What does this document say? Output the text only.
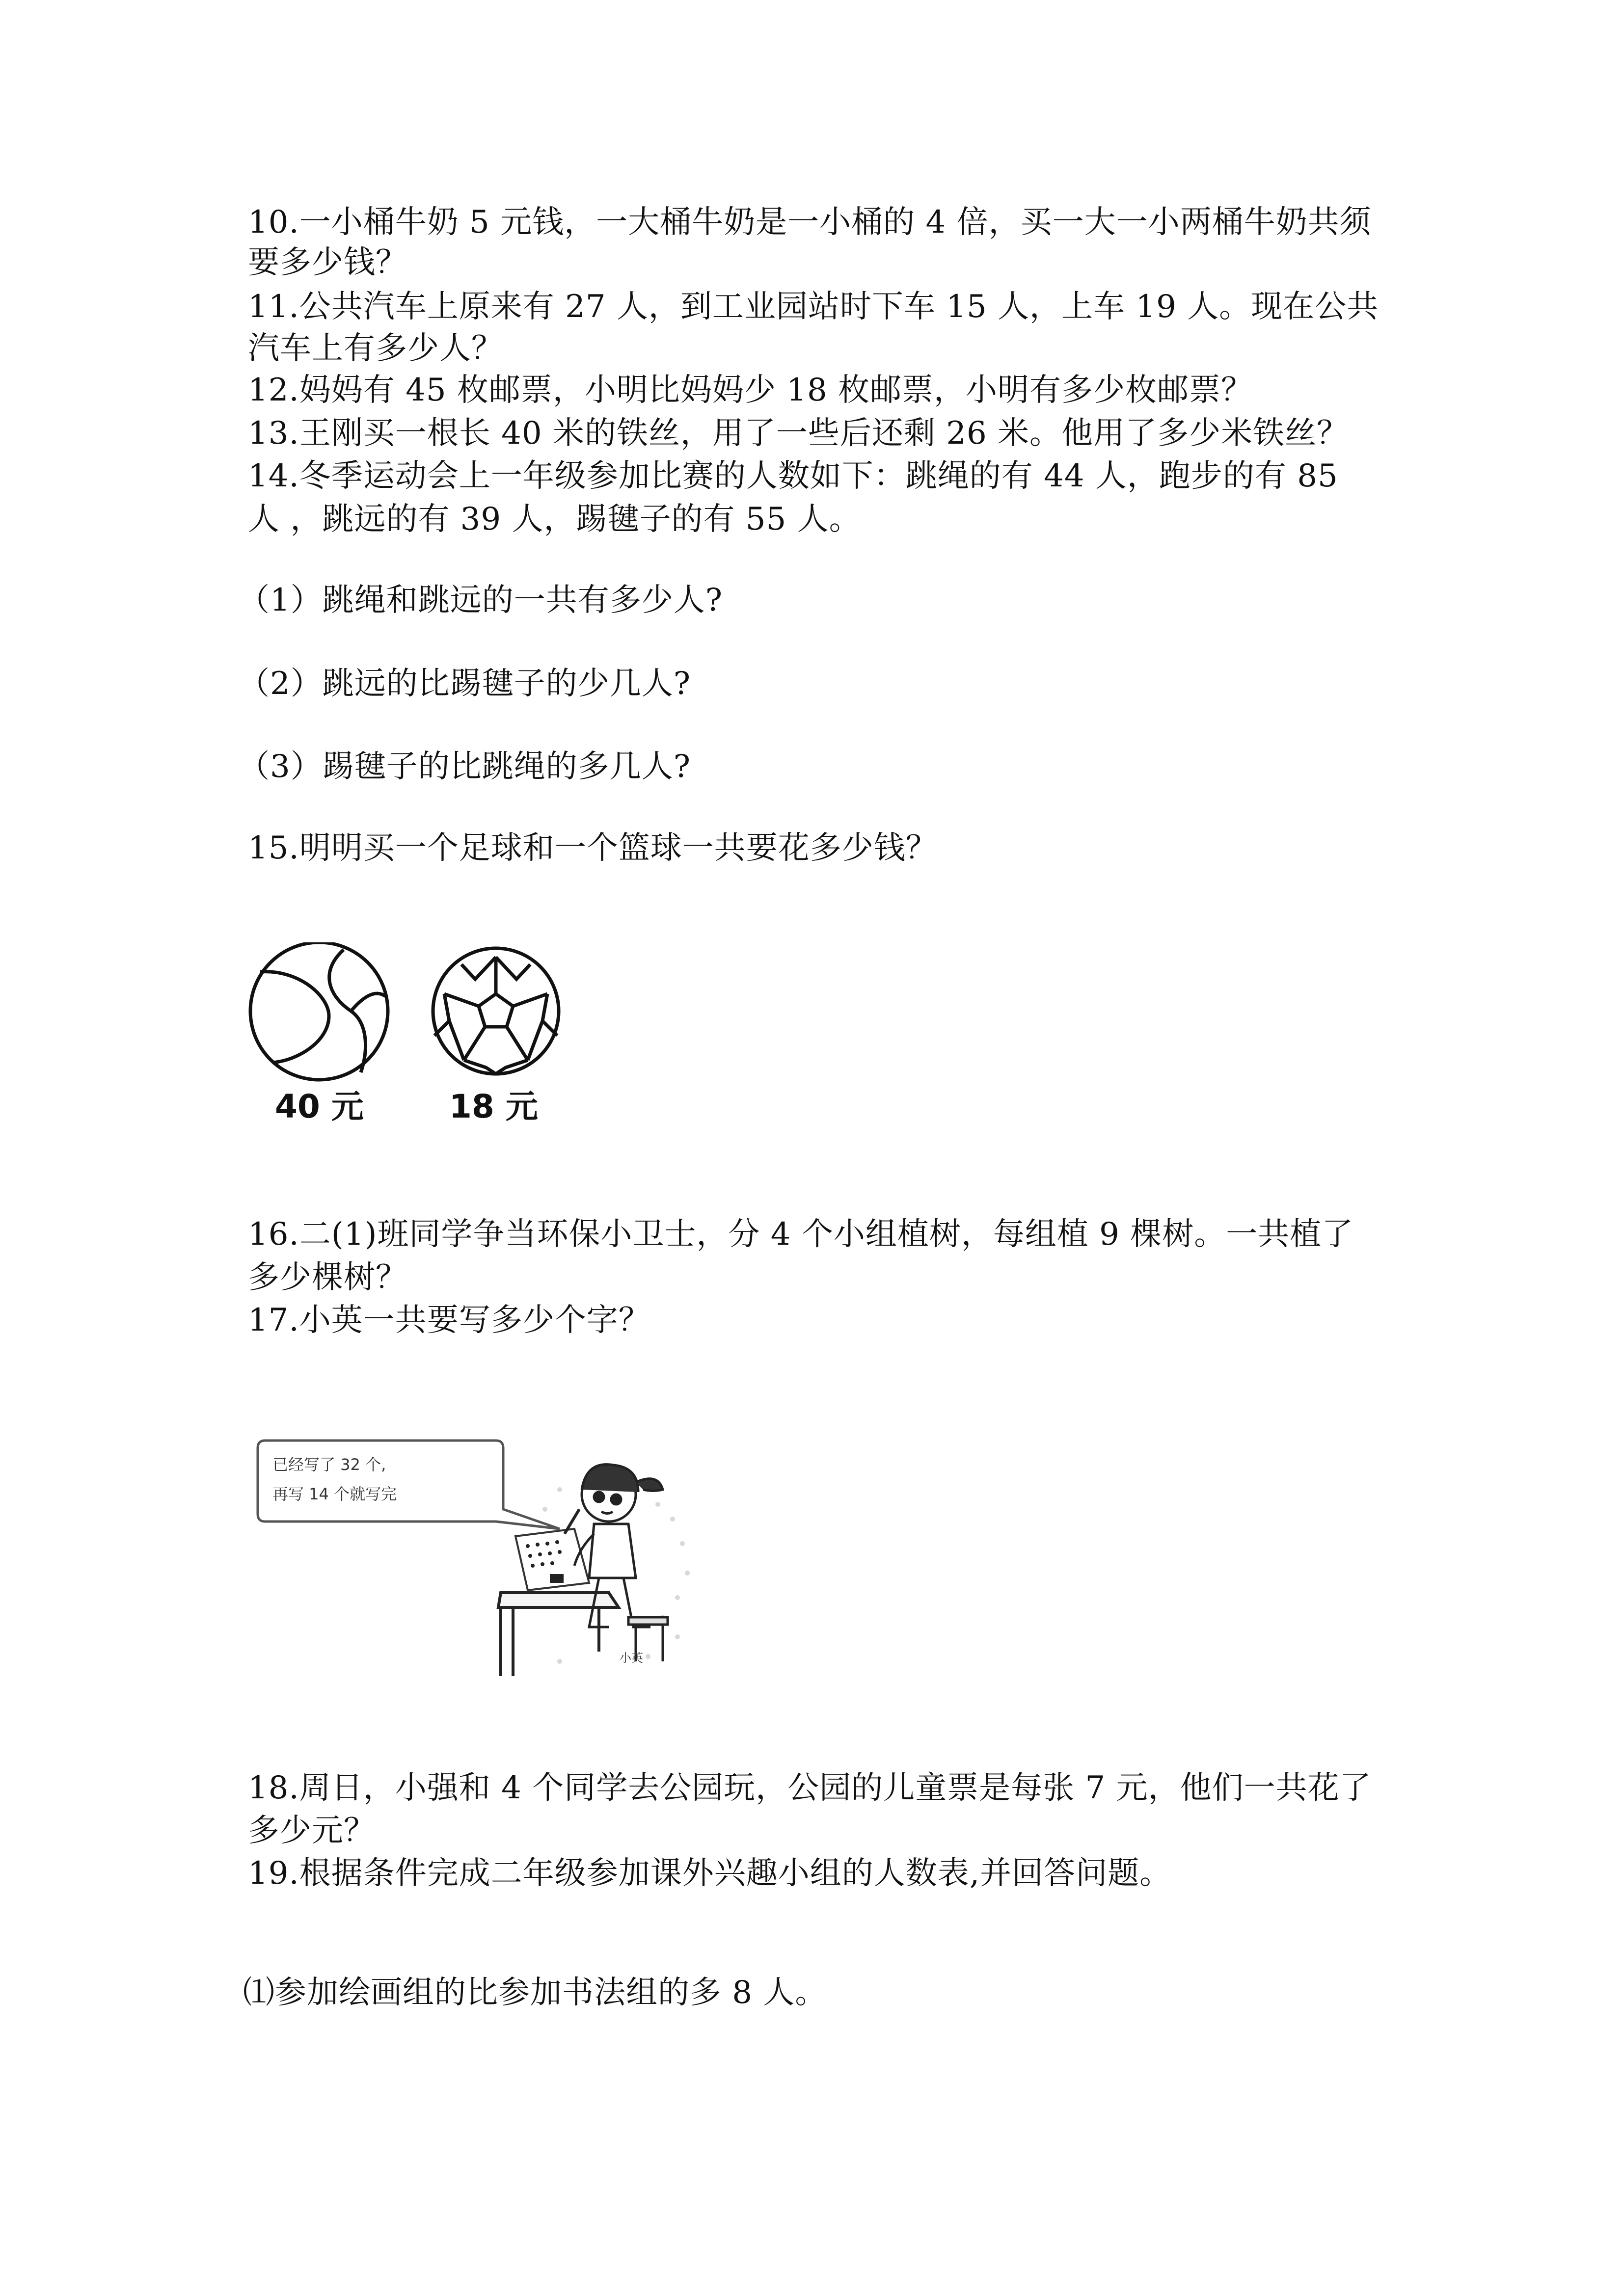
10.一小桶牛奶 5 元钱，一大桶牛奶是一小桶的 4 倍，买一大一小两桶牛奶共须
要多少钱？
11.公共汽车上原来有 27 人，到工业园站时下车 15 人，上车 19 人。现在公共
汽车上有多少人？
12.妈妈有 45 枚邮票，小明比妈妈少 18 枚邮票，小明有多少枚邮票？
13.王刚买一根长 40 米的铁丝，用了一些后还剩 26 米。他用了多少米铁丝？
14.冬季运动会上一年级参加比赛的人数如下：跳绳的有 44 人，跑步的有 85
人 ，跳远的有 39 人，踢毽子的有 55 人。
（1）跳绳和跳远的一共有多少人?
（2）跳远的比踢毽子的少几人?
（3）踢毽子的比跳绳的多几人?
15.明明买一个足球和一个篮球一共要花多少钱？
40 元	18 元
16.二(1)班同学争当环保小卫士，分 4 个小组植树，每组植 9 棵树。一共植了
多少棵树？
17.小英一共要写多少个字？
已经写了 32 个,
再写 14 个就写完
小英
18.周日，小强和 4 个同学去公园玩，公园的儿童票是每张 7 元，他们一共花了
多少元？
19.根据条件完成二年级参加课外兴趣小组的人数表,并回答问题。
⑴参加绘画组的比参加书法组的多 8 人。
